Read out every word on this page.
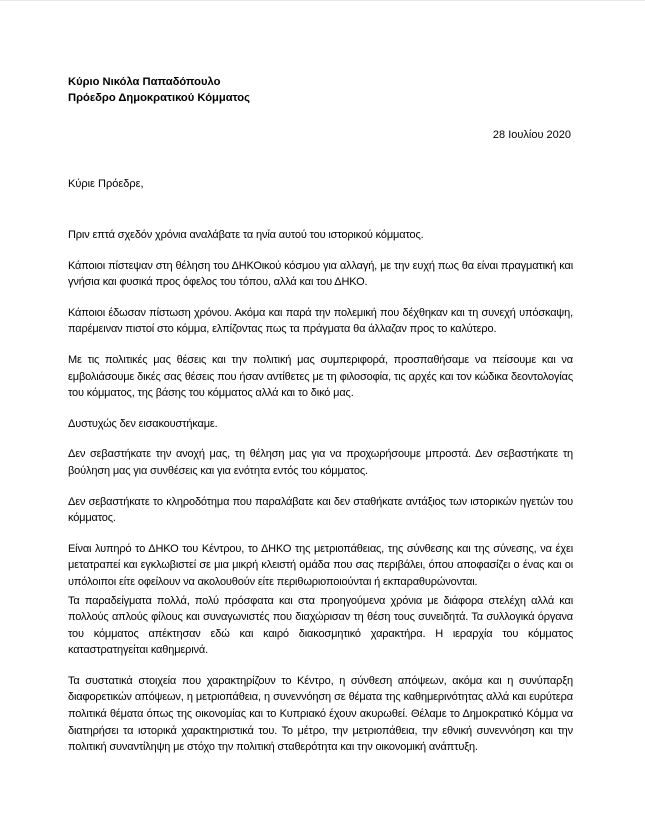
Κύριο Νικόλα Παπαδόπουλο
Πρόεδρο Δημοκρατικού Κόμματος
28 Ιουλίου 2020
Κύριε Πρόεδρε,

Πριν επτά σχεδόν χρόνια αναλάβατε τα ηνία αυτού του ιστορικού κόμματος.

Κάποιοι πίστεψαν στη θέληση του ΔΗΚΟικού κόσμου για αλλαγή, με την ευχή πως θα είναι πραγματική και γνήσια και φυσικά προς όφελος του τόπου, αλλά και του ΔΗΚΟ.

Κάποιοι έδωσαν πίστωση χρόνου. Ακόμα και παρά την πολεμική που δέχθηκαν και τη συνεχή υπόσκαψη, παρέμειναν πιστοί στο κόμμα, ελπίζοντας πως τα πράγματα θα άλλαζαν προς το καλύτερο.

Με τις πολιτικές μας θέσεις και την πολιτική μας συμπεριφορά, προσπαθήσαμε να πείσουμε και να εμβολιάσουμε δικές σας θέσεις που ήσαν αντίθετες με τη φιλοσοφία, τις αρχές και τον κώδικα δεοντολογίας του κόμματος, της βάσης του κόμματος αλλά και το δικό μας.

Δυστυχώς δεν εισακουστήκαμε.

Δεν σεβαστήκατε την ανοχή μας, τη θέληση μας για να προχωρήσουμε μπροστά. Δεν σεβαστήκατε τη βούληση μας για συνθέσεις και για ενότητα εντός του κόμματος.

Δεν σεβαστήκατε το κληροδότημα που παραλάβατε και δεν σταθήκατε αντάξιος των ιστορικών ηγετών του κόμματος.

Είναι λυπηρό το ΔΗΚΟ του Κέντρου, το ΔΗΚΟ της μετριοπάθειας, της σύνθεσης και της σύνεσης, να έχει μετατραπεί και εγκλωβιστεί σε μια μικρή κλειστή ομάδα που σας περιβάλει, όπου αποφασίζει ο ένας και οι υπόλοιποι είτε οφείλουν να ακολουθούν είτε περιθωριοποιούνται ή εκπαραθυρώνονται.

Τα παραδείγματα πολλά, πολύ πρόσφατα και στα προηγούμενα χρόνια με διάφορα στελέχη αλλά και πολλούς απλούς φίλους και συναγωνιστές που διαχώρισαν τη θέση τους συνειδητά. Τα συλλογικά όργανα του κόμματος απέκτησαν εδώ και καιρό διακοσμητικό χαρακτήρα. Η ιεραρχία του κόμματος καταστρατηγείται καθημερινά.

Τα συστατικά στοιχεία που χαρακτηρίζουν το Κέντρο, η σύνθεση απόψεων, ακόμα και η συνύπαρξη διαφορετικών απόψεων, η μετριοπάθεια, η συνεννόηση σε θέματα της καθημερινότητας αλλά και ευρύτερα πολιτικά θέματα όπως της οικονομίας και το Κυπριακό έχουν ακυρωθεί. Θέλαμε το Δημοκρατικό Κόμμα να διατηρήσει τα ιστορικά χαρακτηριστικά του. Το μέτρο, την μετριοπάθεια, την εθνική συνεννόηση και την πολιτική συναντίληψη με στόχο την πολιτική σταθερότητα και την οικονομική ανάπτυξη.
